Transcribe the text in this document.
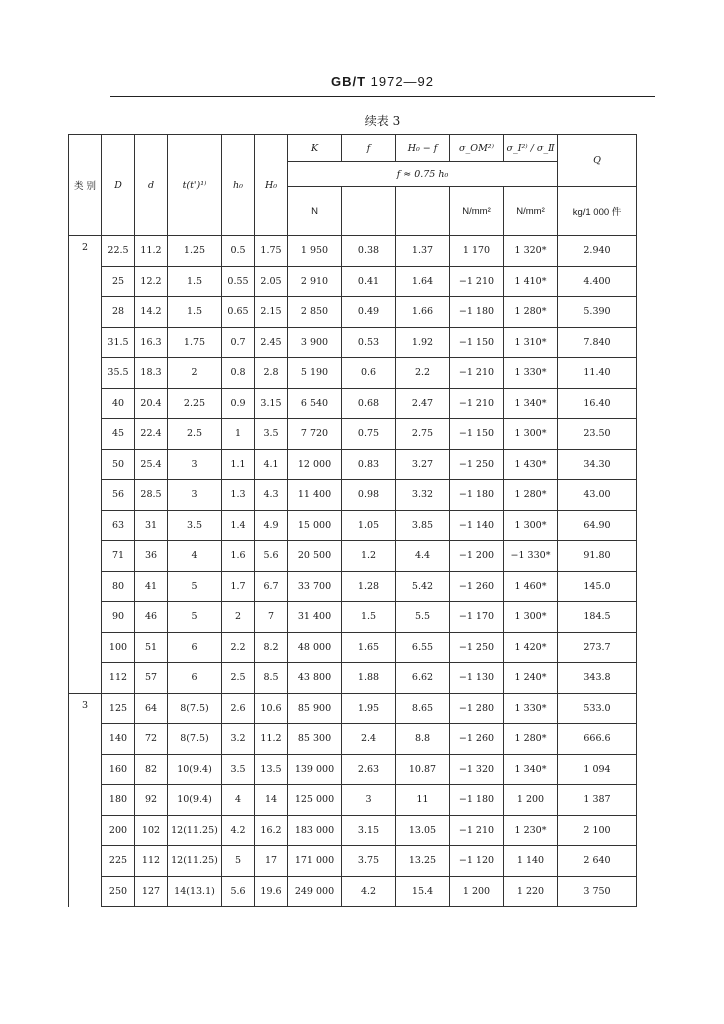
GB/T 1972—92
续表 3
类 别	D	d	t(t')¹⁾	h₀	H₀	K	f	H₀ − f	σ_OM²⁾	σ_I²⁾ / σ_Ⅱ	Q
						f ≈ 0.75 h₀					
						N			N/mm²	N/mm²	kg/1 000 件
2	22.5	11.2	1.25	0.5	1.75	1 950	0.38	1.37	1 170	1 320*	2.940
	25	12.2	1.5	0.55	2.05	2 910	0.41	1.64	−1 210	1 410*	4.400
	28	14.2	1.5	0.65	2.15	2 850	0.49	1.66	−1 180	1 280*	5.390
	31.5	16.3	1.75	0.7	2.45	3 900	0.53	1.92	−1 150	1 310*	7.840
	35.5	18.3	2	0.8	2.8	5 190	0.6	2.2	−1 210	1 330*	11.40
	40	20.4	2.25	0.9	3.15	6 540	0.68	2.47	−1 210	1 340*	16.40
	45	22.4	2.5	1	3.5	7 720	0.75	2.75	−1 150	1 300*	23.50
	50	25.4	3	1.1	4.1	12 000	0.83	3.27	−1 250	1 430*	34.30
	56	28.5	3	1.3	4.3	11 400	0.98	3.32	−1 180	1 280*	43.00
	63	31	3.5	1.4	4.9	15 000	1.05	3.85	−1 140	1 300*	64.90
	71	36	4	1.6	5.6	20 500	1.2	4.4	−1 200	−1 330*	91.80
	80	41	5	1.7	6.7	33 700	1.28	5.42	−1 260	1 460*	145.0
	90	46	5	2	7	31 400	1.5	5.5	−1 170	1 300*	184.5
	100	51	6	2.2	8.2	48 000	1.65	6.55	−1 250	1 420*	273.7
	112	57	6	2.5	8.5	43 800	1.88	6.62	−1 130	1 240*	343.8
3	125	64	8(7.5)	2.6	10.6	85 900	1.95	8.65	−1 280	1 330*	533.0
	140	72	8(7.5)	3.2	11.2	85 300	2.4	8.8	−1 260	1 280*	666.6
	160	82	10(9.4)	3.5	13.5	139 000	2.63	10.87	−1 320	1 340*	1 094
	180	92	10(9.4)	4	14	125 000	3	11	−1 180	1 200	1 387
	200	102	12(11.25)	4.2	16.2	183 000	3.15	13.05	−1 210	1 230*	2 100
	225	112	12(11.25)	5	17	171 000	3.75	13.25	−1 120	1 140	2 640
	250	127	14(13.1)	5.6	19.6	249 000	4.2	15.4	1 200	1 220	3 750
